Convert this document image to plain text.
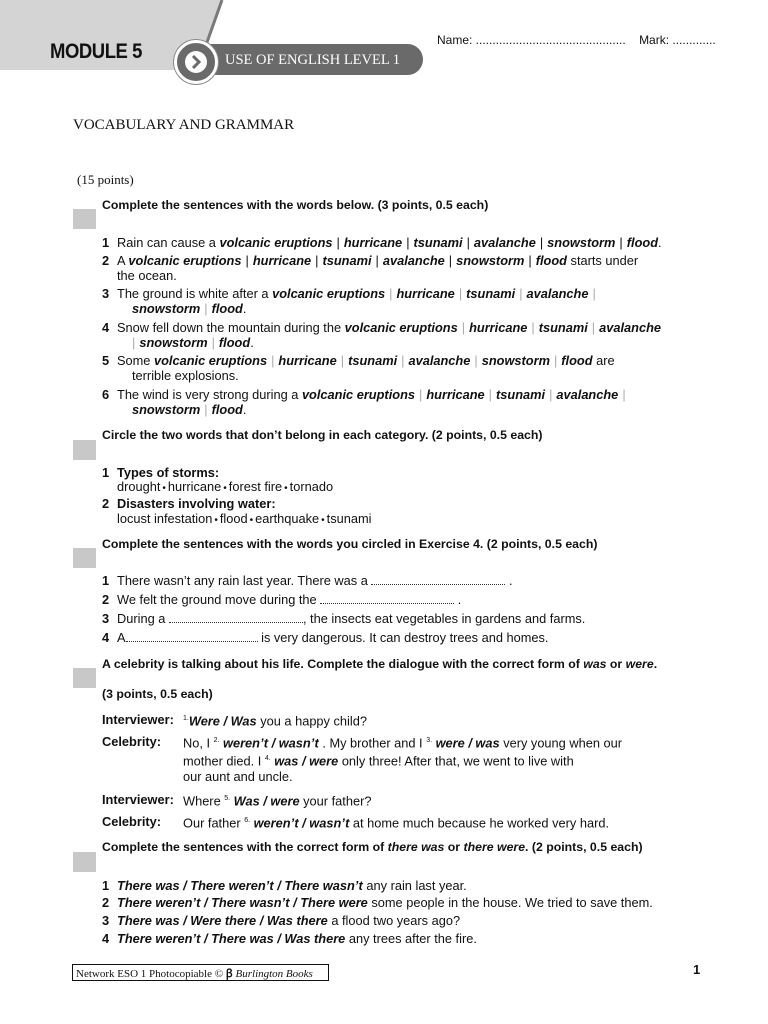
MODULE 5	USE OF ENGLISH LEVEL 1
Name: ............................................. Mark: .............
VOCABULARY AND GRAMMAR
(15 points)
Complete the sentences with the words below. (3 points, 0.5 each)
1 Rain can cause a volcanic eruptions | hurricane | tsunami | avalanche | snowstorm | flood.
2 A volcanic eruptions | hurricane | tsunami | avalanche | snowstorm | flood starts under
the ocean.
3 The ground is white after a volcanic eruptions | hurricane | tsunami | avalanche |
snowstorm | flood.
4 Snow fell down the mountain during the volcanic eruptions | hurricane | tsunami | avalanche
| snowstorm | flood.
5 Some volcanic eruptions | hurricane | tsunami | avalanche | snowstorm | flood are
terrible explosions.
6 The wind is very strong during a volcanic eruptions | hurricane | tsunami | avalanche |
snowstorm | flood.
Circle the two words that don’t belong in each category. (2 points, 0.5 each)
1 Types of storms:
drought • hurricane • forest fire • tornado
2 Disasters involving water:
locust infestation • flood • earthquake • tsunami
Complete the sentences with the words you circled in Exercise 4. (2 points, 0.5 each)
1 There wasn’t any rain last year. There was a	.
2 We felt the ground move during the	.
3 During a	, the insects eat vegetables in gardens and farms.
4 A	is very dangerous. It can destroy trees and homes.
A celebrity is talking about his life. Complete the dialogue with the correct form of was or were.
(3 points, 0.5 each)
Interviewer: $^{1.}$Were / Was you a happy child?
Celebrity: No, I $^{2.}$ weren’t / wasn’t . My brother and I $^{3.}$ were / was very young when our
mother died. I $^{4.}$ was / were only three! After that, we went to live with
our aunt and uncle.
Interviewer: Where $^{5.}$ Was / were your father?
Celebrity: Our father $^{6.}$ weren’t / wasn’t at home much because he worked very hard.
Complete the sentences with the correct form of there was or there were. (2 points, 0.5 each)
1 There was / There weren’t / There wasn’t any rain last year.
2 There weren’t / There wasn’t / There were some people in the house. We tried to save them.
3 There was / Were there / Was there a flood two years ago?
4 There weren’t / There was / Was there any trees after the fire.
Network ESO 1 Photocopiable © ꞵ Burlington Books	1
